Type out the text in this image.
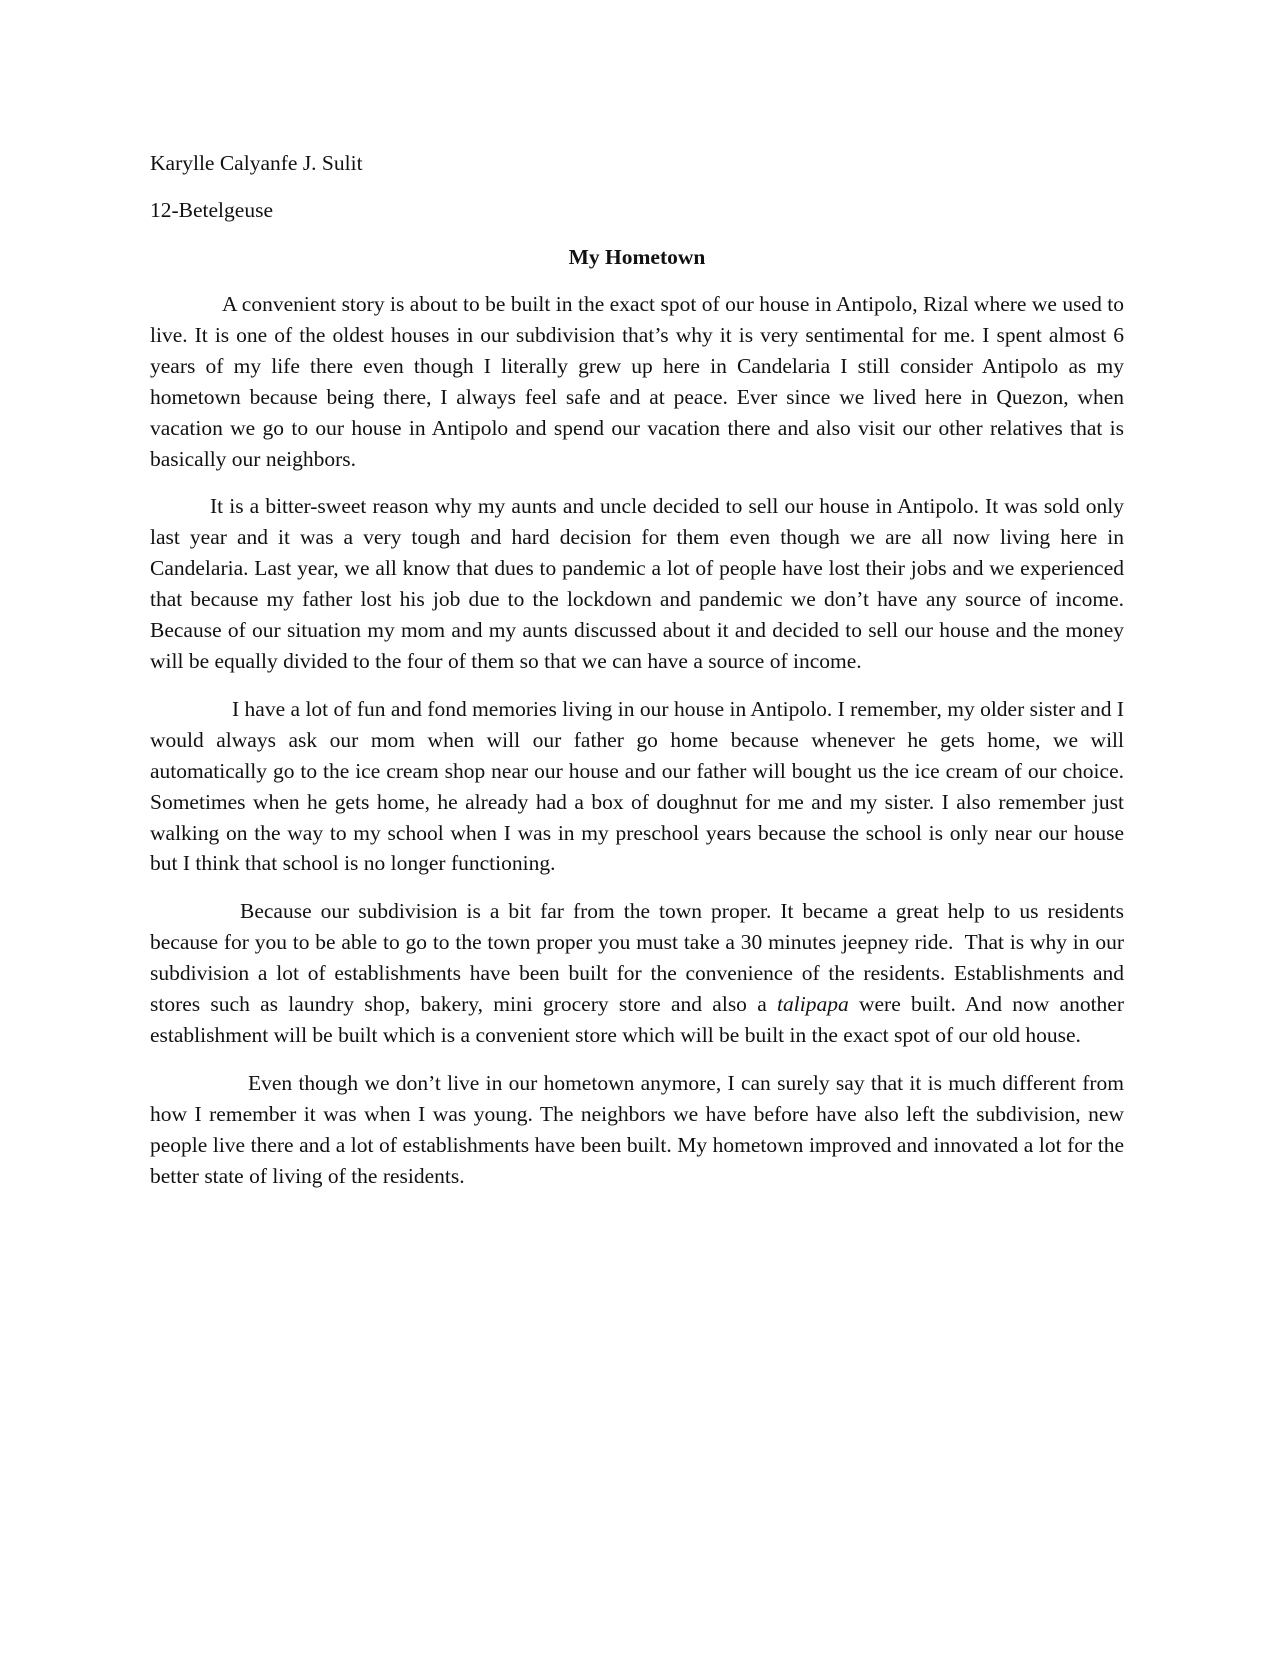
Karylle Calyanfe J. Sulit
12-Betelgeuse
My Hometown

A convenient story is about to be built in the exact spot of our house in Antipolo, Rizal where we used to live. It is one of the oldest houses in our subdivision that’s why it is very sentimental for me. I spent almost 6 years of my life there even though I literally grew up here in Candelaria I still consider Antipolo as my hometown because being there, I always feel safe and at peace. Ever since we lived here in Quezon, when vacation we go to our house in Antipolo and spend our vacation there and also visit our other relatives that is basically our neighbors.

It is a bitter-sweet reason why my aunts and uncle decided to sell our house in Antipolo. It was sold only last year and it was a very tough and hard decision for them even though we are all now living here in Candelaria. Last year, we all know that dues to pandemic a lot of people have lost their jobs and we experienced that because my father lost his job due to the lockdown and pandemic we don’t have any source of income. Because of our situation my mom and my aunts discussed about it and decided to sell our house and the money will be equally divided to the four of them so that we can have a source of income.

I have a lot of fun and fond memories living in our house in Antipolo. I remember, my older sister and I would always ask our mom when will our father go home because whenever he gets home, we will automatically go to the ice cream shop near our house and our father will bought us the ice cream of our choice. Sometimes when he gets home, he already had a box of doughnut for me and my sister. I also remember just walking on the way to my school when I was in my preschool years because the school is only near our house but I think that school is no longer functioning.

Because our subdivision is a bit far from the town proper. It became a great help to us residents because for you to be able to go to the town proper you must take a 30 minutes jeepney ride.  That is why in our subdivision a lot of establishments have been built for the convenience of the residents. Establishments and stores such as laundry shop, bakery, mini grocery store and also a talipapa were built. And now another establishment will be built which is a convenient store which will be built in the exact spot of our old house.

Even though we don’t live in our hometown anymore, I can surely say that it is much different from how I remember it was when I was young. The neighbors we have before have also left the subdivision, new people live there and a lot of establishments have been built. My hometown improved and innovated a lot for the better state of living of the residents.
